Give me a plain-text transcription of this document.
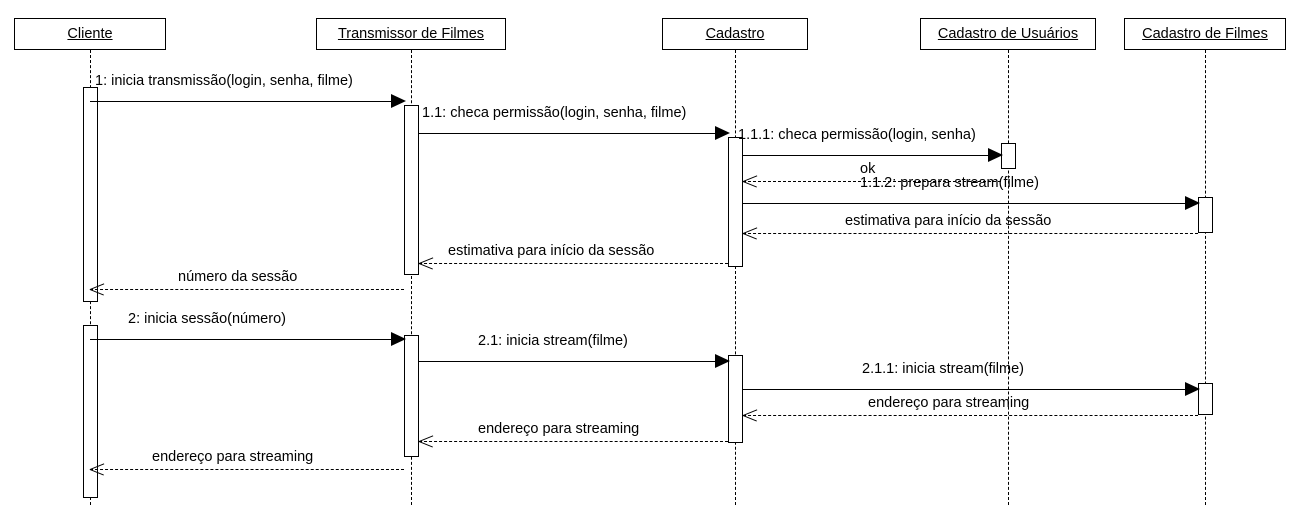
Cliente	Transmissor de Filmes	Cadastro	Cadastro de Usuários	Cadastro de Filmes
1: inicia transmissão(login, senha, filme)
1.1: checa permissão(login, senha, filme)
1.1.1: checa permissão(login, senha)
ok
1.1.2: prepara stream(filme)
estimativa para início da sessão
estimativa para início da sessão
número da sessão
2: inicia sessão(número)
2.1: inicia stream(filme)
2.1.1: inicia stream(filme)
endereço para streaming
endereço para streaming
endereço para streaming
